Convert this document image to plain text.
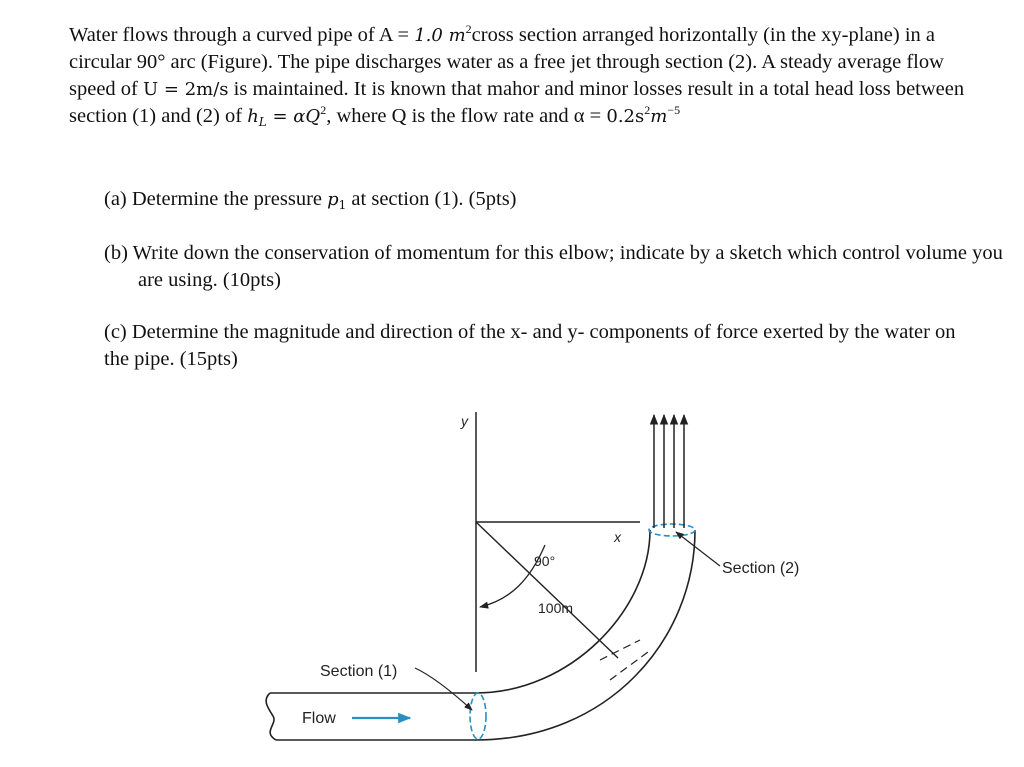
Water flows through a curved pipe of A = 1.0 $m^2cross$ section arranged horizontally (in the xy-plane) in a circular 90° arc (Figure). The pipe discharges water as a free jet through section (2). A steady average flow speed of U = 2m/s is maintained. It is known that mahor and minor losses result in a total head loss between section (1) and (2) of $h_L = \alpha Q^2$, where Q is the flow rate and $\alpha = 0.2s^2m^{-5}$

(a) Determine the pressure $p_1$ at section (1). (5pts)

(b) Write down the conservation of momentum for this elbow; indicate by a sketch which control volume you are using. (10pts)

(c) Determine the magnitude and direction of the x- and y- components of force exerted by the water on the pipe. (15pts)

y
x
90°
100m
Section (1)
Section (2)
Flow
